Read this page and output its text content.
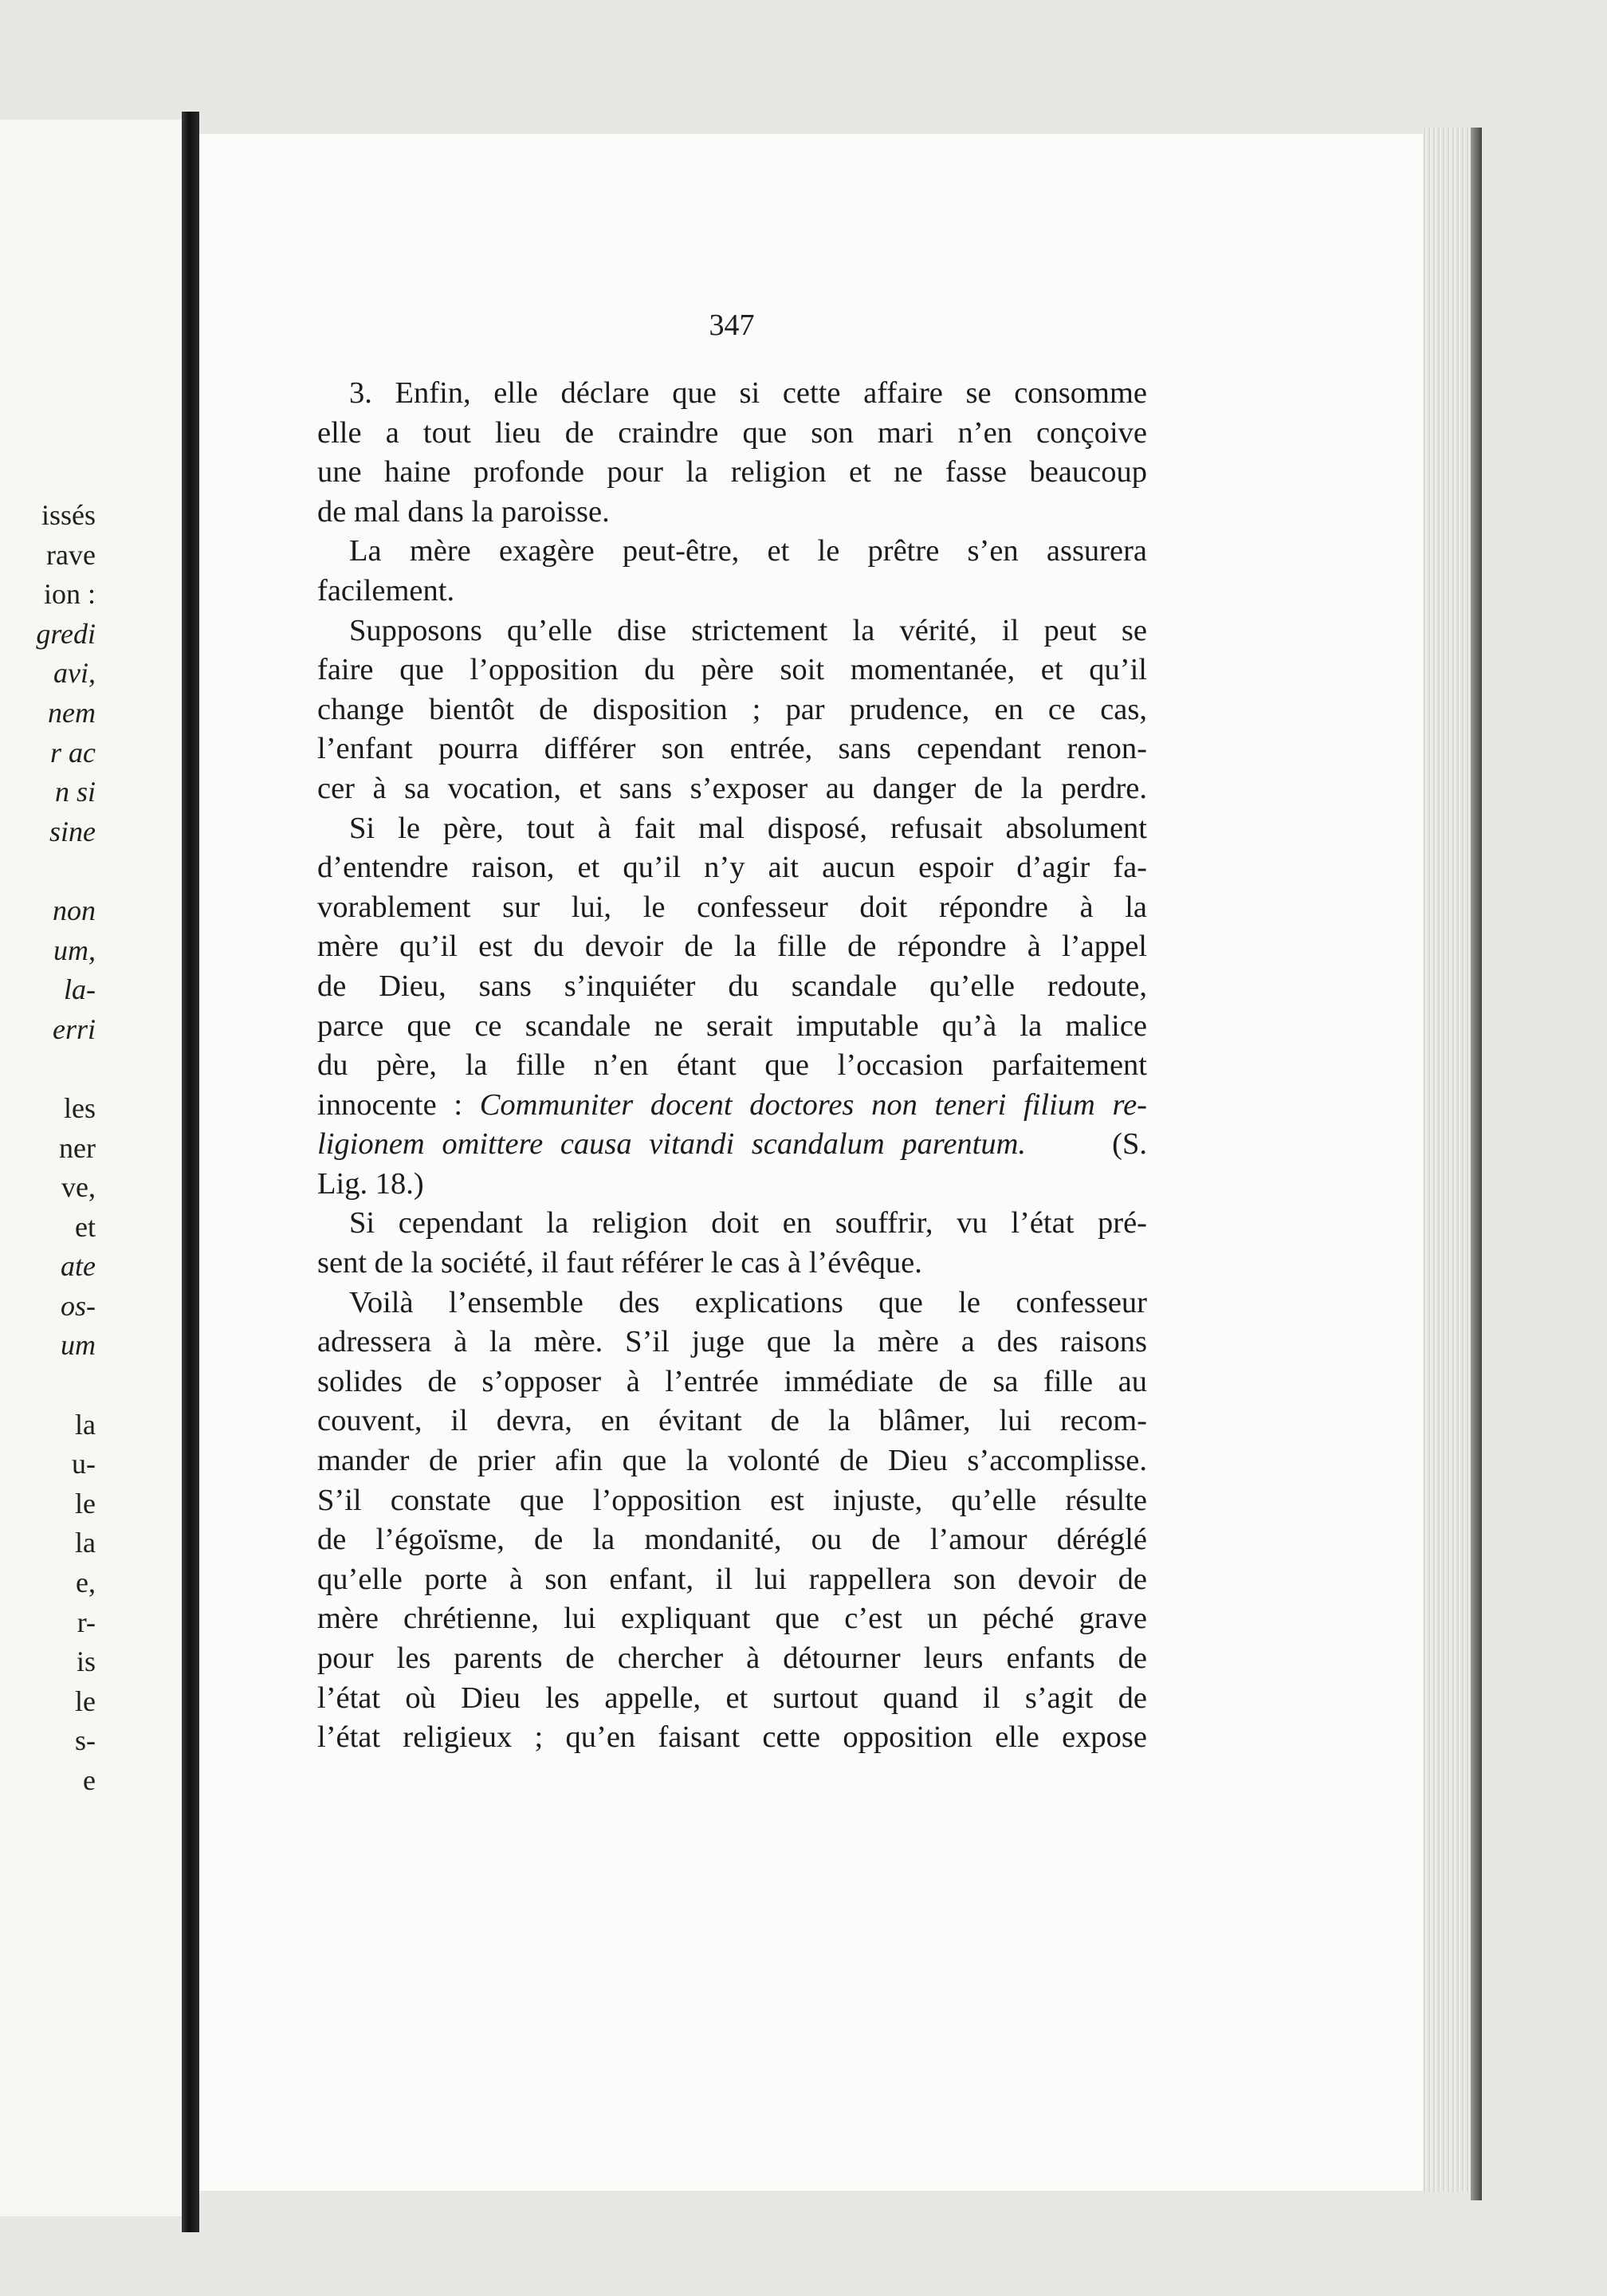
issés
rave
ion :
gredi
avi,
nem
r ac
n si
sine

non
um,
la-
erri

les
ner
ve,
et
ate
os-
um

la
u-
le
la
e,
r-
is
le
s-
e
347
3. Enfin, elle déclare que si cette affaire se consomme
elle a tout lieu de craindre que son mari n’en conçoive
une haine profonde pour la religion et ne fasse beaucoup
de mal dans la paroisse.
La mère exagère peut-être, et le prêtre s’en assurera
facilement.
Supposons qu’elle dise strictement la vérité, il peut se
faire que l’opposition du père soit momentanée, et qu’il
change bientôt de disposition ; par prudence, en ce cas,
l’enfant pourra différer son entrée, sans cependant renon-
cer à sa vocation, et sans s’exposer au danger de la perdre.
Si le père, tout à fait mal disposé, refusait absolument
d’entendre raison, et qu’il n’y ait aucun espoir d’agir fa-
vorablement sur lui, le confesseur doit répondre à la
mère qu’il est du devoir de la fille de répondre à l’appel
de Dieu, sans s’inquiéter du scandale qu’elle redoute,
parce que ce scandale ne serait imputable qu’à la malice
du père, la fille n’en étant que l’occasion parfaitement
innocente : Communiter docent doctores non teneri filium re-
ligionem omittere causa vitandi scandalum parentum.     (S.
Lig. 18.)
Si cependant la religion doit en souffrir, vu l’état pré-
sent de la société, il faut référer le cas à l’évêque.
Voilà l’ensemble des explications que le confesseur
adressera à la mère. S’il juge que la mère a des raisons
solides de s’opposer à l’entrée immédiate de sa fille au
couvent, il devra, en évitant de la blâmer, lui recom-
mander de prier afin que la volonté de Dieu s’accomplisse.
S’il constate que l’opposition est injuste, qu’elle résulte
de l’égoïsme, de la mondanité, ou de l’amour déréglé
qu’elle porte à son enfant, il lui rappellera son devoir de
mère chrétienne, lui expliquant que c’est un péché grave
pour les parents de chercher à détourner leurs enfants de
l’état où Dieu les appelle, et surtout quand il s’agit de
l’état religieux ; qu’en faisant cette opposition elle expose
